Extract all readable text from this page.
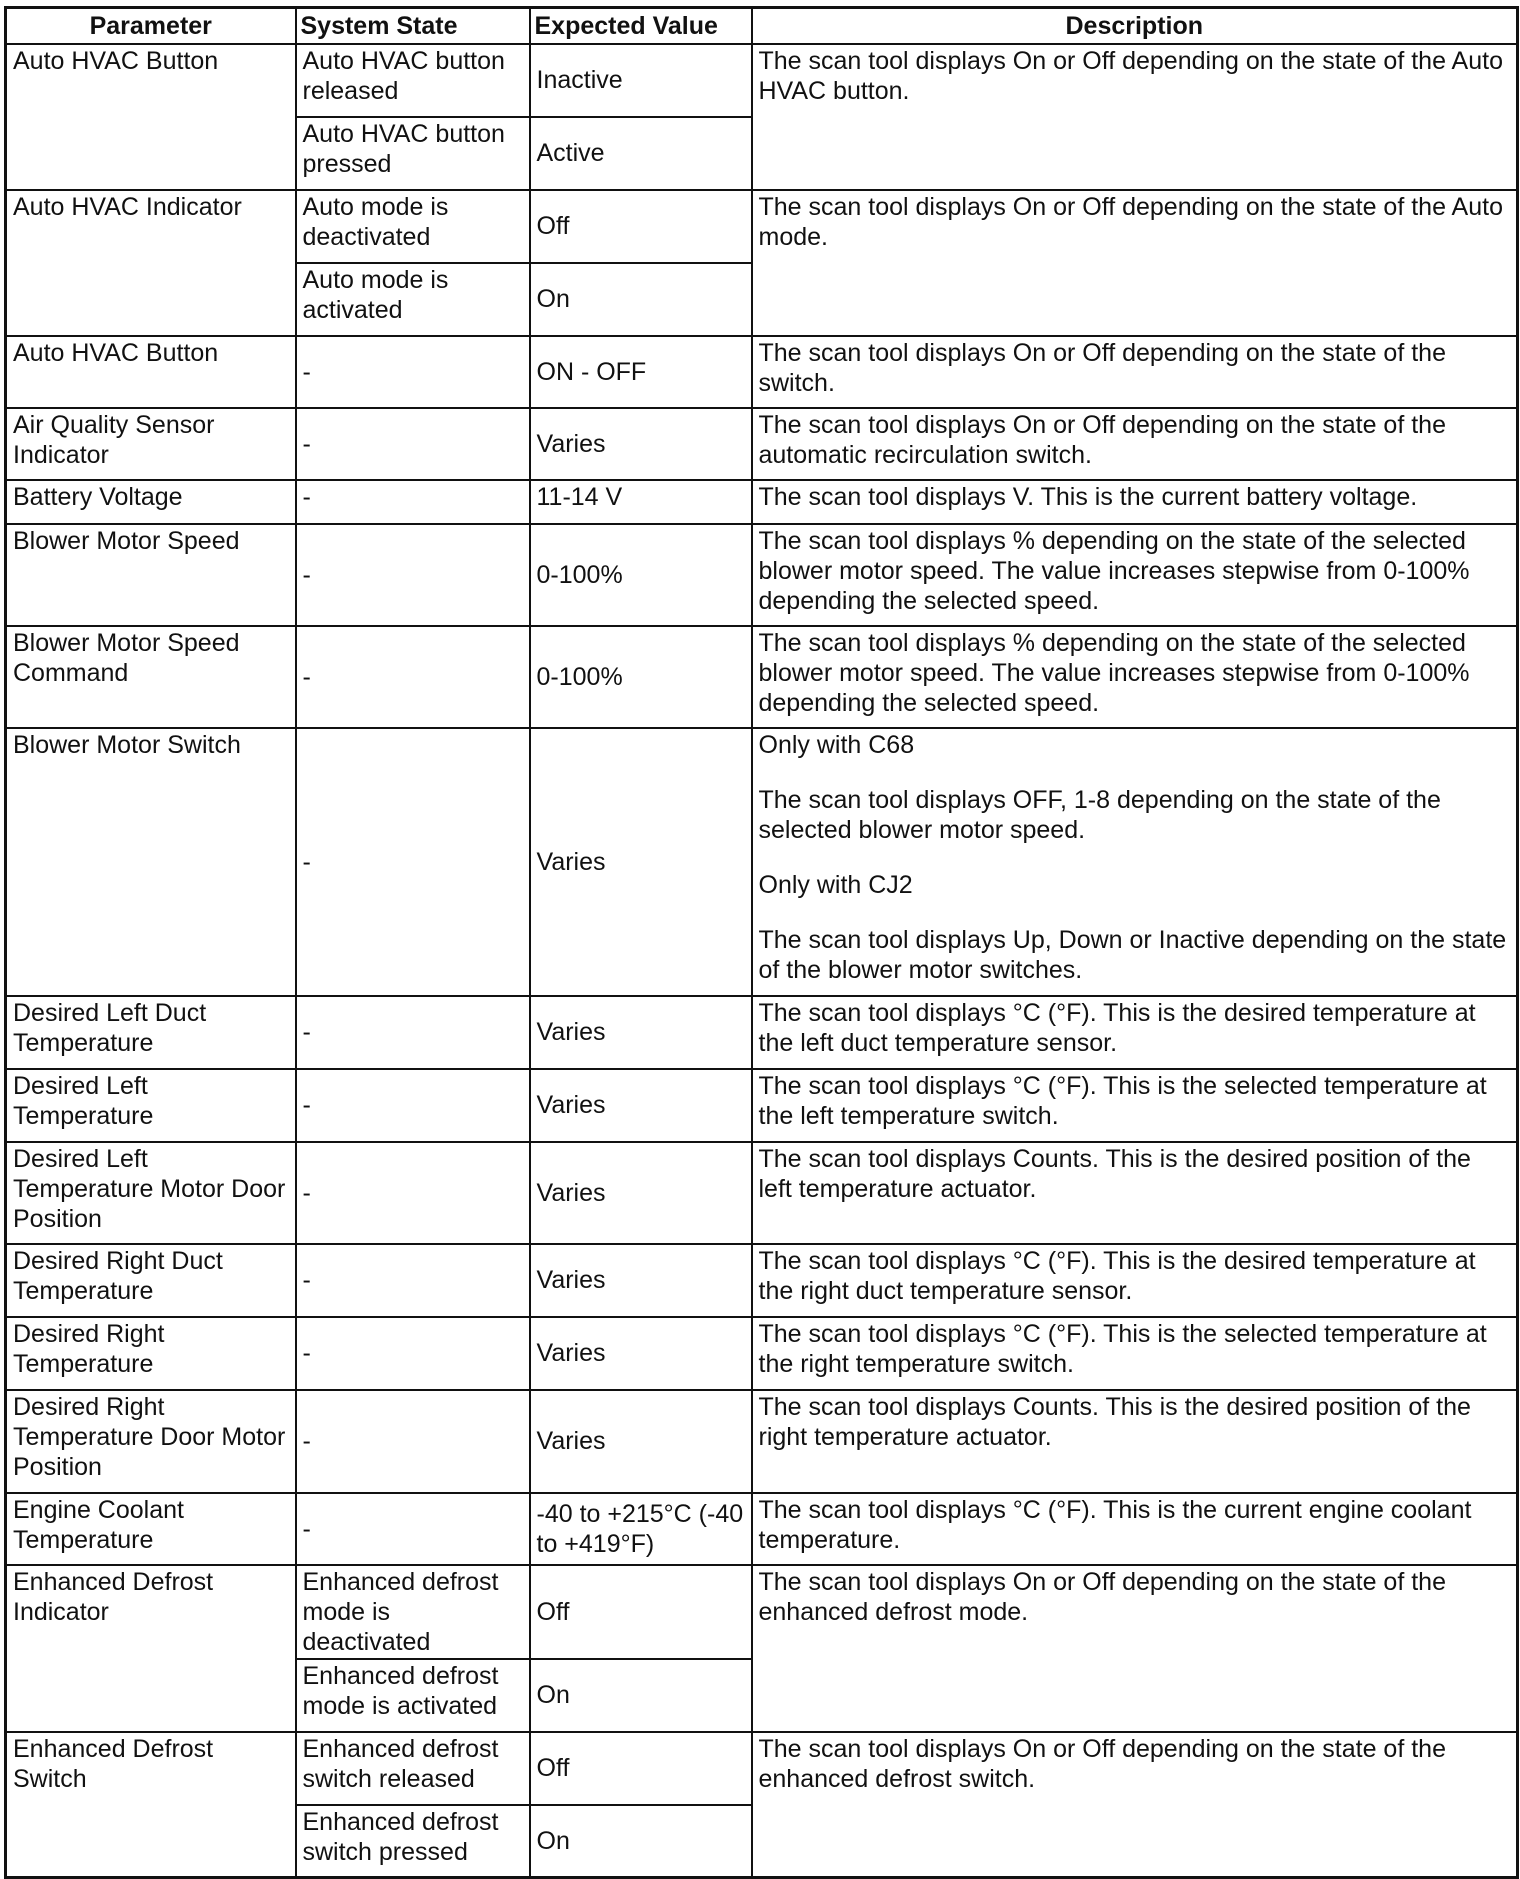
Parameter	System State	Expected Value	Description
Auto HVAC Button	Auto HVAC button released	Inactive	The scan tool displays On or Off depending on the state of the Auto HVAC button.
	Auto HVAC button pressed	Active	
Auto HVAC Indicator	Auto mode is deactivated	Off	The scan tool displays On or Off depending on the state of the Auto mode.
	Auto mode is activated	On	
Auto HVAC Button	-	ON - OFF	The scan tool displays On or Off depending on the state of the switch.
Air Quality Sensor Indicator	-	Varies	The scan tool displays On or Off depending on the state of the automatic recirculation switch.
Battery Voltage	-	11-14 V	The scan tool displays V. This is the current battery voltage.
Blower Motor Speed	-	0-100%	The scan tool displays % depending on the state of the selected blower motor speed. The value increases stepwise from 0-100% depending the selected speed.
Blower Motor Speed Command	-	0-100%	The scan tool displays % depending on the state of the selected blower motor speed. The value increases stepwise from 0-100% depending the selected speed.
Blower Motor Switch	-	Varies	Only with C68

The scan tool displays OFF, 1-8 depending on the state of the selected blower motor speed.

Only with CJ2

The scan tool displays Up, Down or Inactive depending on the state of the blower motor switches.

Desired Left Duct Temperature	-	Varies	The scan tool displays °C (°F). This is the desired temperature at the left duct temperature sensor.
Desired Left Temperature	-	Varies	The scan tool displays °C (°F). This is the selected temperature at the left temperature switch.
Desired Left Temperature Motor Door Position	-	Varies	The scan tool displays Counts. This is the desired position of the left temperature actuator.
Desired Right Duct Temperature	-	Varies	The scan tool displays °C (°F). This is the desired temperature at the right duct temperature sensor.
Desired Right Temperature	-	Varies	The scan tool displays °C (°F). This is the selected temperature at the right temperature switch.
Desired Right Temperature Door Motor Position	-	Varies	The scan tool displays Counts. This is the desired position of the right temperature actuator.
Engine Coolant Temperature	-	-40 to +215°C (-40 to +419°F)	The scan tool displays °C (°F). This is the current engine coolant temperature.
Enhanced Defrost Indicator	Enhanced defrost mode is deactivated	Off	The scan tool displays On or Off depending on the state of the enhanced defrost mode.
	Enhanced defrost mode is activated	On	
Enhanced Defrost Switch	Enhanced defrost switch released	Off	The scan tool displays On or Off depending on the state of the enhanced defrost switch.
	Enhanced defrost switch pressed	On	
